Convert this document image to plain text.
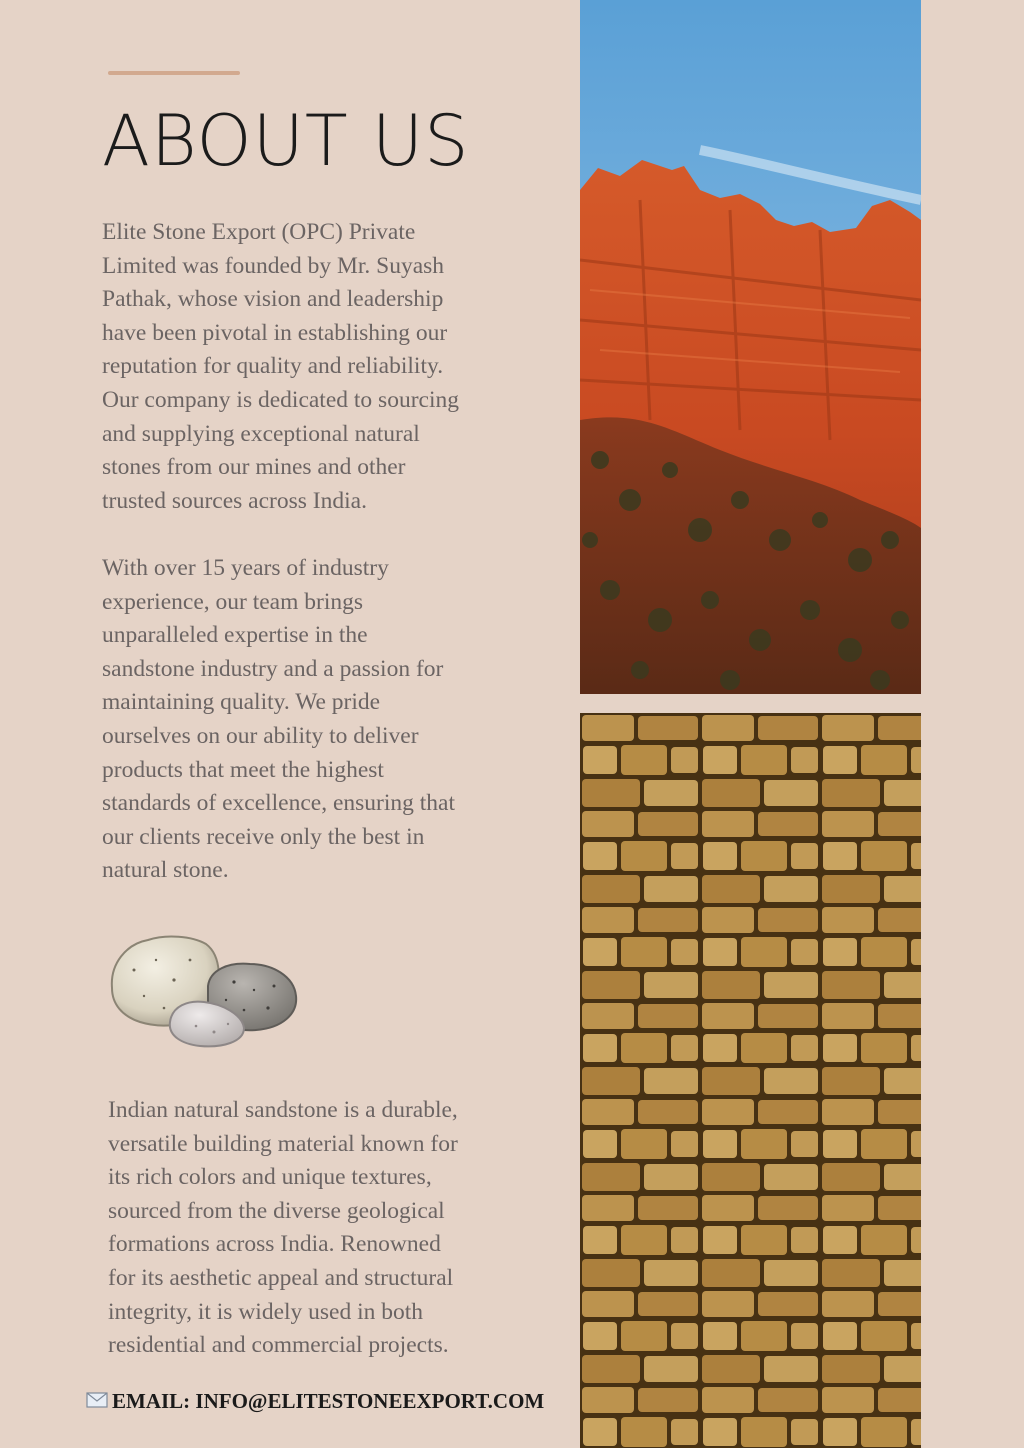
ABOUT US

Elite Stone Export (OPC) Private
Limited was founded by Mr. Suyash
Pathak, whose vision and leadership
have been pivotal in establishing our
reputation for quality and reliability.
Our company is dedicated to sourcing
and supplying exceptional natural
stones from our mines and other
trusted sources across India.

With over 15 years of industry
experience, our team brings
unparalleled expertise in the
sandstone industry and a passion for
maintaining quality. We pride
ourselves on our ability to deliver
products that meet the highest
standards of excellence, ensuring that
our clients receive only the best in
natural stone.

Indian natural sandstone is a durable,
versatile building material known for
its rich colors and unique textures,
sourced from the diverse geological
formations across India. Renowned
for its aesthetic appeal and structural
integrity, it is widely used in both
residential and commercial projects.

EMAIL: INFO@ELITESTONEEXPORT.COM
